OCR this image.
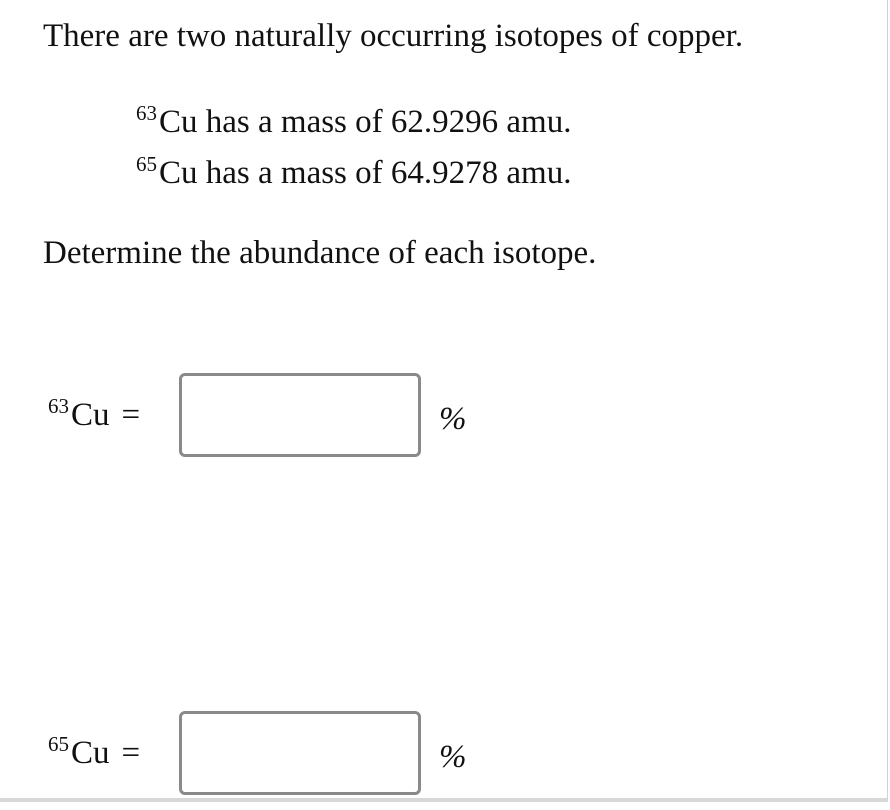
There are two naturally occurring isotopes of copper.
$^{63}$Cu has a mass of 62.9296 amu.
$^{65}$Cu has a mass of 64.9278 amu.
Determine the abundance of each isotope.
$^{63}$Cu =	%
$^{65}$Cu =	%
